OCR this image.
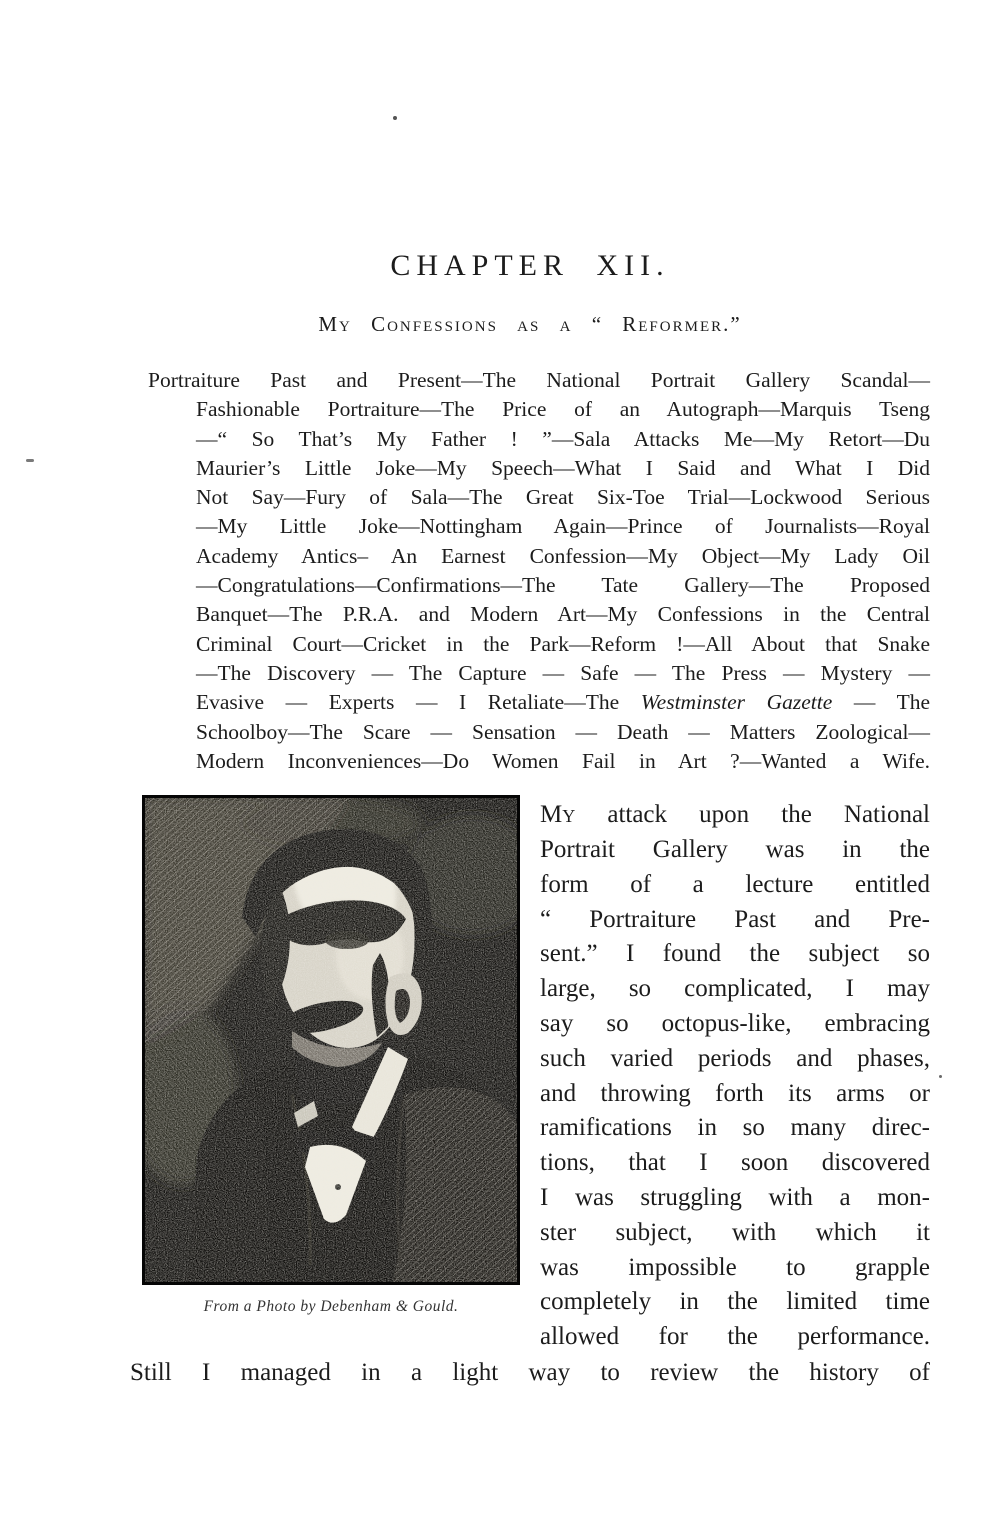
CHAPTER XII.
My Confessions as a “ Reformer.”
Portraiture Past and Present—The National Portrait Gallery Scandal—
Fashionable Portraiture—The Price of an Autograph—Marquis Tseng
—“ So That’s My Father ! ”—Sala Attacks Me—My Retort—Du
Maurier’s Little Joke—My Speech—What I Said and What I Did
Not Say—Fury of Sala—The Great Six-Toe Trial—Lockwood Serious
—My Little Joke—Nottingham Again—Prince of Journalists—Royal
Academy Antics– An Earnest Confession—My Object—My Lady Oil
—Congratulations—Confirmations—The Tate Gallery—The Proposed
Banquet—The P.R.A. and Modern Art—My Confessions in the Central
Criminal Court—Cricket in the Park—Reform !—All About that Snake
—The Discovery — The Capture — Safe — The Press — Mystery —
Evasive — Experts — I Retaliate—The Westminster Gazette — The
Schoolboy—The Scare — Sensation — Death — Matters Zoological—
Modern Inconveniences—Do Women Fail in Art ?—Wanted a Wife.
From a Photo by Debenham & Gould.
My attack upon the National
Portrait Gallery was in the
form of a lecture entitled
“ Portraiture Past and Pre-
sent.” I found the subject so
large, so complicated, I may
say so octopus-like, embracing
such varied periods and phases,
and throwing forth its arms or
ramifications in so many direc-
tions, that I soon discovered
I was struggling with a mon-
ster subject, with which it
was impossible to grapple
completely in the limited time
allowed for the performance.
Still I managed in a light way to review the history of
